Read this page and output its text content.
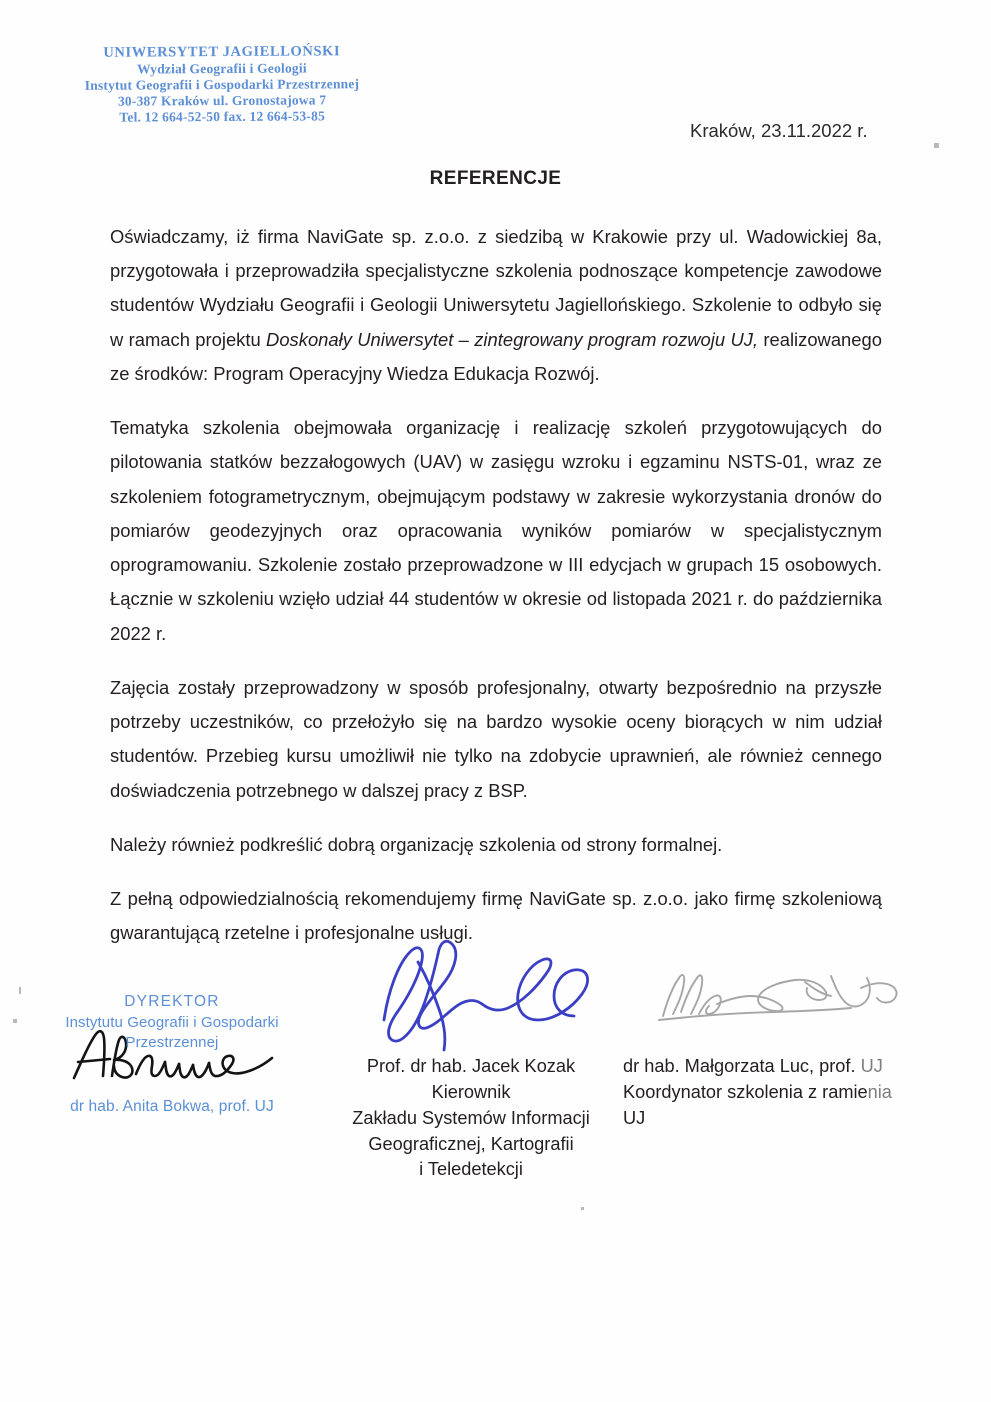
UNIWERSYTET JAGIELLOŃSKI
Wydział Geografii i Geologii
Instytut Geografii i Gospodarki Przestrzennej
30-387 Kraków ul. Gronostajowa 7
Tel. 12 664-52-50 fax. 12 664-53-85
Kraków, 23.11.2022 r.
REFERENCJE

Oświadczamy, iż firma NaviGate sp. z.o.o. z siedzibą w Krakowie przy ul. Wadowickiej 8a, przygotowała i przeprowadziła specjalistyczne szkolenia podnoszące kompetencje zawodowe studentów Wydziału Geografii i Geologii Uniwersytetu Jagiellońskiego. Szkolenie to odbyło się w ramach projektu Doskonały Uniwersytet – zintegrowany program rozwoju UJ, realizowanego ze środków: Program Operacyjny Wiedza Edukacja Rozwój.

Tematyka szkolenia obejmowała organizację i realizację szkoleń przygotowujących do pilotowania statków bezzałogowych (UAV) w zasięgu wzroku i egzaminu NSTS-01, wraz ze szkoleniem fotogrametrycznym, obejmującym podstawy w zakresie wykorzystania dronów do pomiarów geodezyjnych oraz opracowania wyników pomiarów w specjalistycznym oprogramowaniu. Szkolenie zostało przeprowadzone w III edycjach w grupach 15 osobowych. Łącznie w szkoleniu wzięło udział 44 studentów w okresie od listopada 2021 r. do października 2022 r.

Zajęcia zostały przeprowadzony w sposób profesjonalny, otwarty bezpośrednio na przyszłe potrzeby uczestników, co przełożyło się na bardzo wysokie oceny biorących w nim udział studentów. Przebieg kursu umożliwił nie tylko na zdobycie uprawnień, ale również cennego doświadczenia potrzebnego w dalszej pracy z BSP.

Należy również podkreślić dobrą organizację szkolenia od strony formalnej.

Z pełną odpowiedzialnością rekomendujemy firmę NaviGate sp. z.o.o. jako firmę szkoleniową gwarantującą rzetelne i profesjonalne usługi.

DYREKTOR
Instytutu Geografii i Gospodarki Przestrzennej
dr hab. Anita Bokwa, prof. UJ
Prof. dr hab. Jacek Kozak
Kierownik
Zakładu Systemów Informacji
Geograficznej, Kartografii
i Teledetekcji
dr hab. Małgorzata Luc, prof. UJ
Koordynator szkolenia z ramienia
UJ
